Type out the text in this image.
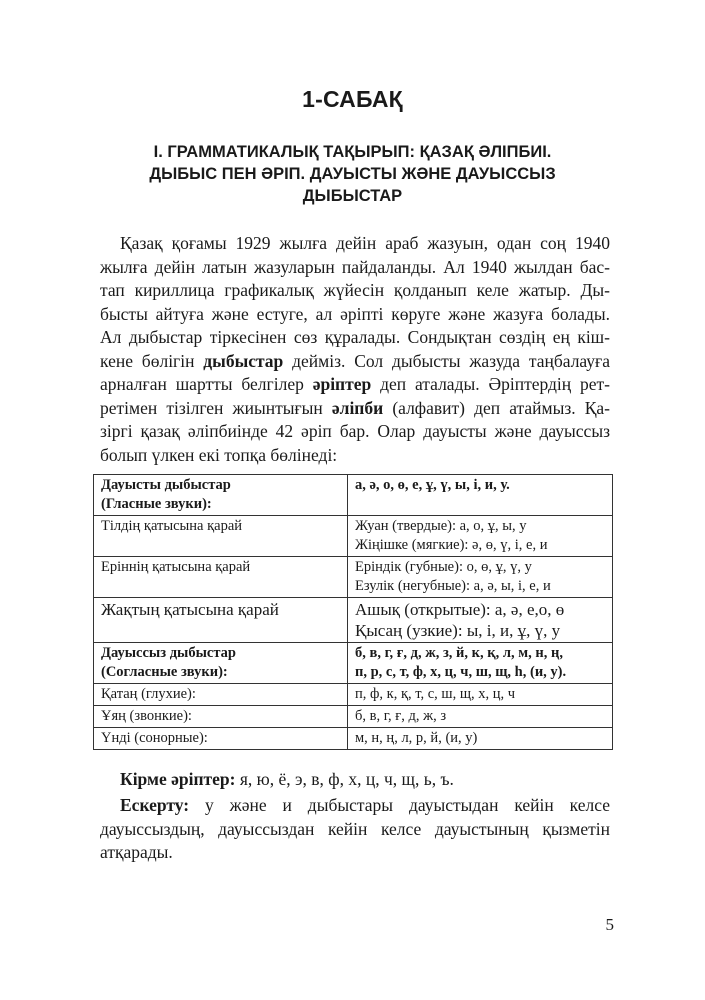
1-САБАҚ
І. ГРАММАТИКАЛЫҚ ТАҚЫРЫП: ҚАЗАҚ ӘЛІПБИІ.
ДЫБЫС ПЕН ӘРІП. ДАУЫСТЫ ЖӘНЕ ДАУЫССЫЗ
ДЫБЫСТАР
Қазақ қоғамы 1929 жылға дейін араб жазуын, одан соң 1940
жылға дейін латын жазуларын пайдаланды. Ал 1940 жылдан бас-
тап кириллица графикалық жүйесін қолданып келе жатыр. Ды-
бысты айтуға және естуге, ал әріпті көруге және жазуға болады.
Ал дыбыстар тіркесінен сөз құралады. Сондықтан сөздің ең кіш-
кене бөлігін дыбыстар дейміз. Сол дыбысты жазуда таңбалауға
арналған шартты белгілер әріптер деп аталады. Әріптердің рет-
ретімен тізілген жиынтығын әліпби (алфавит) деп атаймыз. Қа-
зіргі қазақ әліпбиінде 42 әріп бар. Олар дауысты және дауыссыз
болып үлкен екі топқа бөлінеді:
Дауысты дыбыстар
(Гласные звуки):	а, ә, о, ө, е, ұ, ү, ы, і, и, у.

Тілдің қатысына қарай	Жуан (твердые): а, о, ұ, ы, у
Жіңішке (мягкие): ә, ө, ү, і, е, и

Еріннің қатысына қарай	Еріндік (губные): о, ө, ұ, ү, у
Езулік (негубные): а, ә, ы, і, е, и

Жақтың қатысына қарай	Ашық (открытые): а, ә, е,о, ө
Қысаң (узкие): ы, і, и, ұ, ү, у

Дауыссыз дыбыстар
(Согласные звуки):	б, в, г, ғ, д, ж, з, й, к, қ, л, м, н, ң,
п, р, с, т, ф, х, ц, ч, ш, щ, һ, (и, у).

Қатаң (глухие):	п, ф, к, қ, т, с, ш, щ, х, ц, ч

Ұяң (звонкие):	б, в, г, ғ, д, ж, з

Үнді (сонорные):	м, н, ң, л, р, й, (и, у)
Кірме әріптер: я, ю, ё, э, в, ф, х, ц, ч, щ, ь, ъ.
Ескерту: у және и дыбыстары дауыстыдан кейін келсе
дауыссыздың, дауыссыздан кейін келсе дауыстының қызметін
атқарады.
5
